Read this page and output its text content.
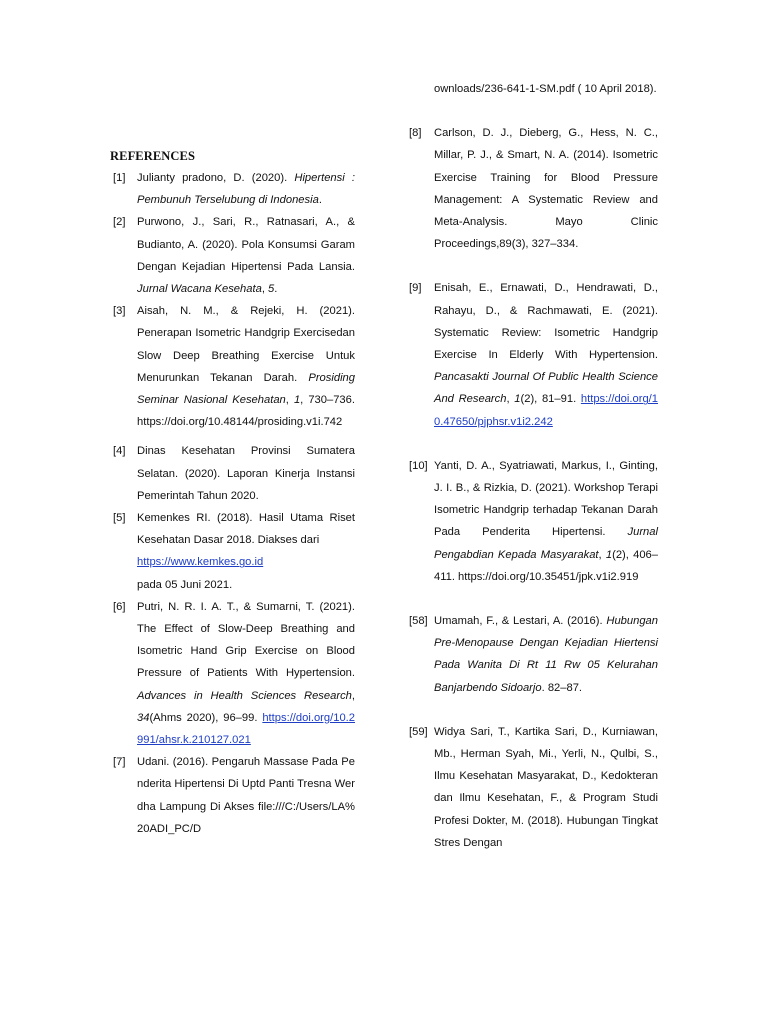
REFERENCES
[1] Julianty pradono, D. (2020). Hipertensi : Pembunuh Terselubung di Indonesia.
[2] Purwono, J., Sari, R., Ratnasari, A., & Budianto, A. (2020). Pola Konsumsi Garam Dengan Kejadian Hipertensi Pada Lansia. Jurnal Wacana Kesehata, 5.
[3] Aisah, N. M., & Rejeki, H. (2021). Penerapan Isometric Handgrip Exercisedan Slow Deep Breathing Exercise Untuk Menurunkan Tekanan Darah. Prosiding Seminar Nasional Kesehatan, 1, 730–736. https://doi.org/10.48144/prosiding.v1i.742
[4] Dinas Kesehatan Provinsi Sumatera Selatan. (2020). Laporan Kinerja Instansi Pemerintah Tahun 2020.
[5] Kemenkes RI. (2018). Hasil Utama Riset Kesehatan Dasar 2018. Diakses dari
https://www.kemkes.go.id
pada 05 Juni 2021.
[6] Putri, N. R. I. A. T., & Sumarni, T. (2021). The Effect of Slow-Deep Breathing and Isometric Hand Grip Exercise on Blood Pressure of Patients With Hypertension. Advances in Health Sciences Research, 34(Ahms 2020), 96–99. https://doi.org/10.2991/ahsr.k.210127.021
[7] Udani. (2016). Pengaruh Massase Pada Penderita Hipertensi Di Uptd Panti Tresna Werdha Lampung Di Akses file:///C:/Users/LA%20ADI_PC/D
ownloads/236-641-1-SM.pdf ( 10 April 2018).
[8] Carlson, D. J., Dieberg, G., Hess, N. C., Millar, P. J., & Smart, N. A. (2014). Isometric Exercise Training for Blood Pressure Management: A Systematic Review and Meta-Analysis. Mayo Clinic Proceedings,89(3), 327–334.
[9] Enisah, E., Ernawati, D., Hendrawati, D., Rahayu, D., & Rachmawati, E. (2021). Systematic Review: Isometric Handgrip Exercise In Elderly With Hypertension. Pancasakti Journal Of Public Health Science And Research, 1(2), 81–91. https://doi.org/10.47650/pjphsr.v1i2.242
[10] Yanti, D. A., Syatriawati, Markus, I., Ginting, J. I. B., & Rizkia, D. (2021). Workshop Terapi Isometric Handgrip terhadap Tekanan Darah Pada Penderita Hipertensi. Jurnal Pengabdian Kepada Masyarakat, 1(2), 406–411. https://doi.org/10.35451/jpk.v1i2.919
[58] Umamah, F., & Lestari, A. (2016). Hubungan Pre-Menopause Dengan Kejadian Hiertensi Pada Wanita Di Rt 11 Rw 05 Kelurahan Banjarbendo Sidoarjo. 82–87.
[59] Widya Sari, T., Kartika Sari, D., Kurniawan, Mb., Herman Syah, Mi., Yerli, N., Qulbi, S., Ilmu Kesehatan Masyarakat, D., Kedokteran dan Ilmu Kesehatan, F., & Program Studi Profesi Dokter, M. (2018). Hubungan Tingkat Stres Dengan
